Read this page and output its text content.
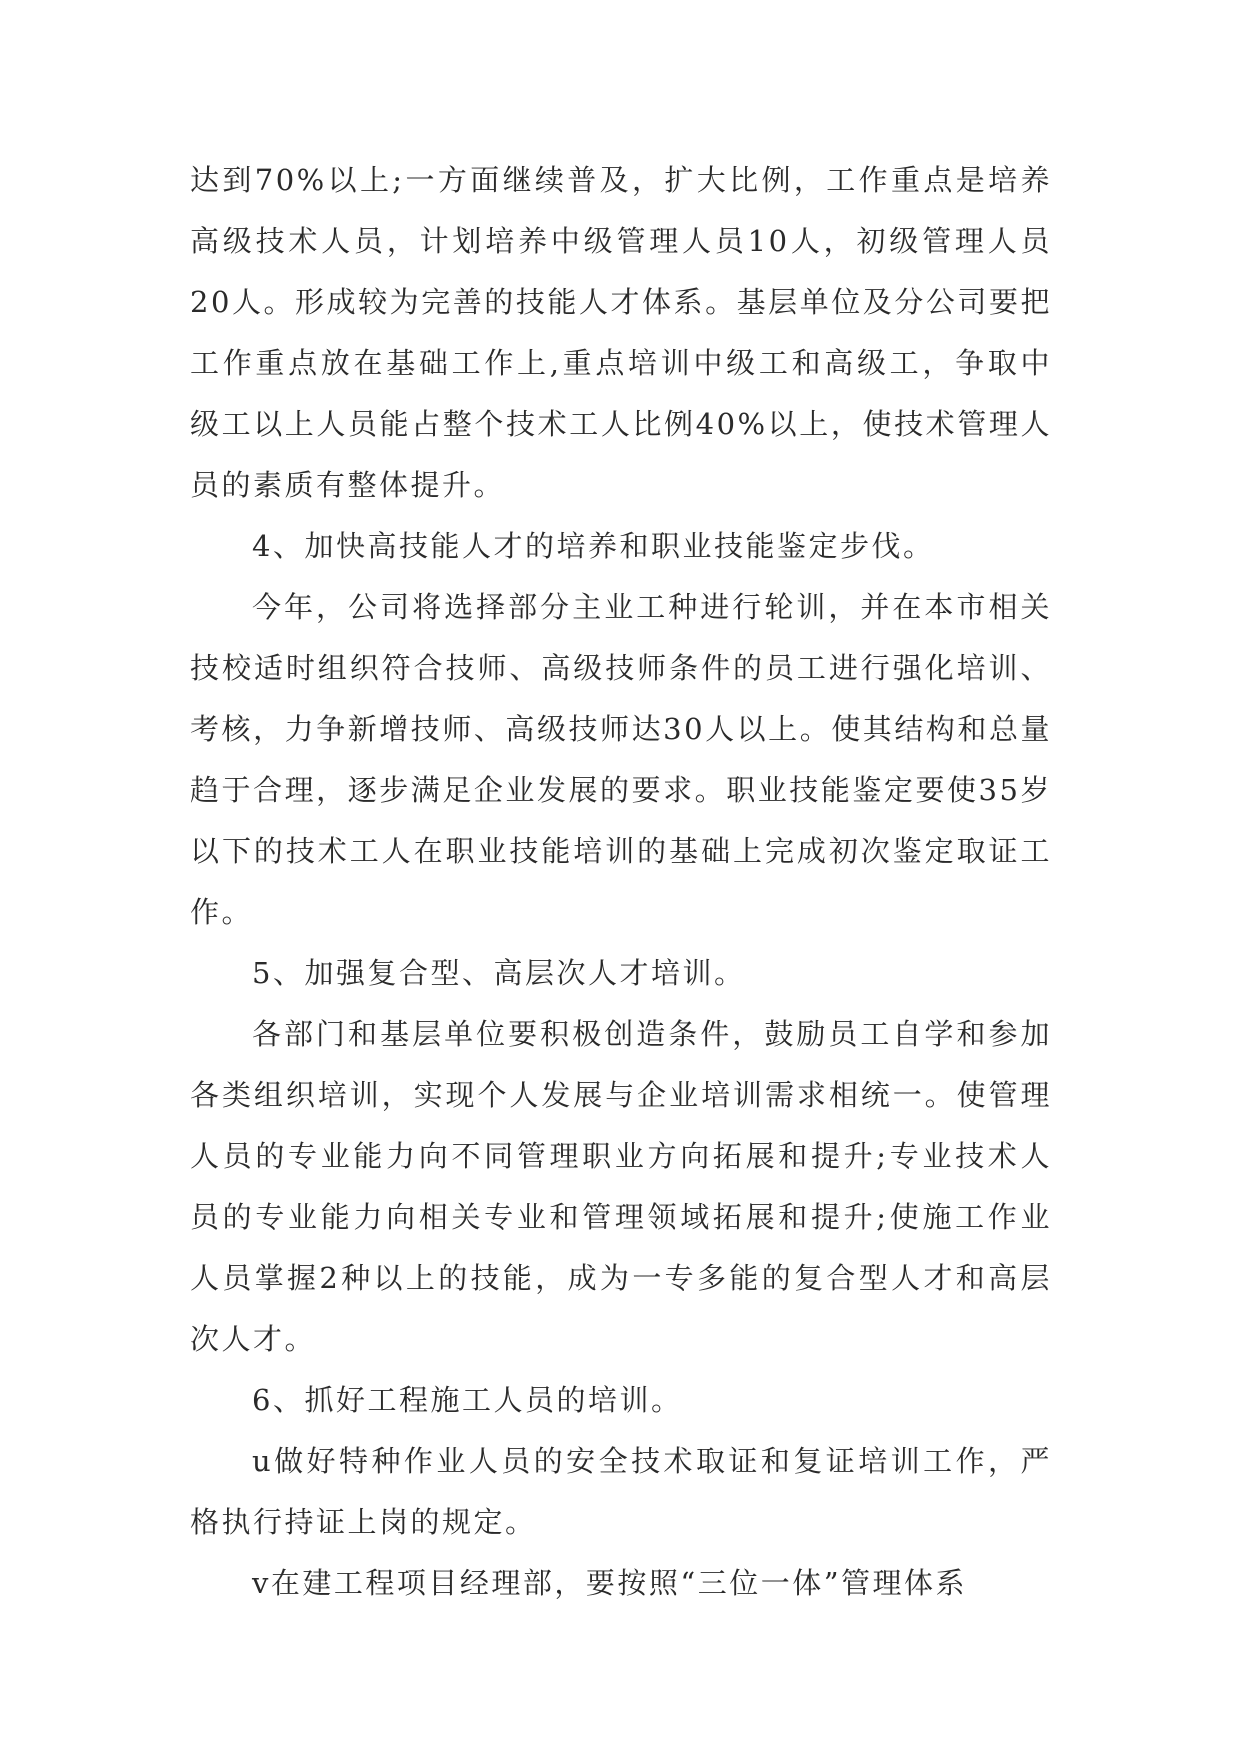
达到70%以上;一方面继续普及，扩大比例，工作重点是培养高级技术人员，计划培养中级管理人员10人，初级管理人员20人。形成较为完善的技能人才体系。基层单位及分公司要把工作重点放在基础工作上,重点培训中级工和高级工，争取中级工以上人员能占整个技术工人比例40%以上，使技术管理人员的素质有整体提升。

4、加快高技能人才的培养和职业技能鉴定步伐。

今年，公司将选择部分主业工种进行轮训，并在本市相关技校适时组织符合技师、高级技师条件的员工进行强化培训、考核，力争新增技师、高级技师达30人以上。使其结构和总量趋于合理，逐步满足企业发展的要求。职业技能鉴定要使35岁以下的技术工人在职业技能培训的基础上完成初次鉴定取证工作。

5、加强复合型、高层次人才培训。

各部门和基层单位要积极创造条件，鼓励员工自学和参加各类组织培训，实现个人发展与企业培训需求相统一。使管理人员的专业能力向不同管理职业方向拓展和提升;专业技术人员的专业能力向相关专业和管理领域拓展和提升;使施工作业人员掌握2种以上的技能，成为一专多能的复合型人才和高层次人才。

6、抓好工程施工人员的培训。

u做好特种作业人员的安全技术取证和复证培训工作，严格执行持证上岗的规定。

v在建工程项目经理部，要按照“三位一体”管理体系
